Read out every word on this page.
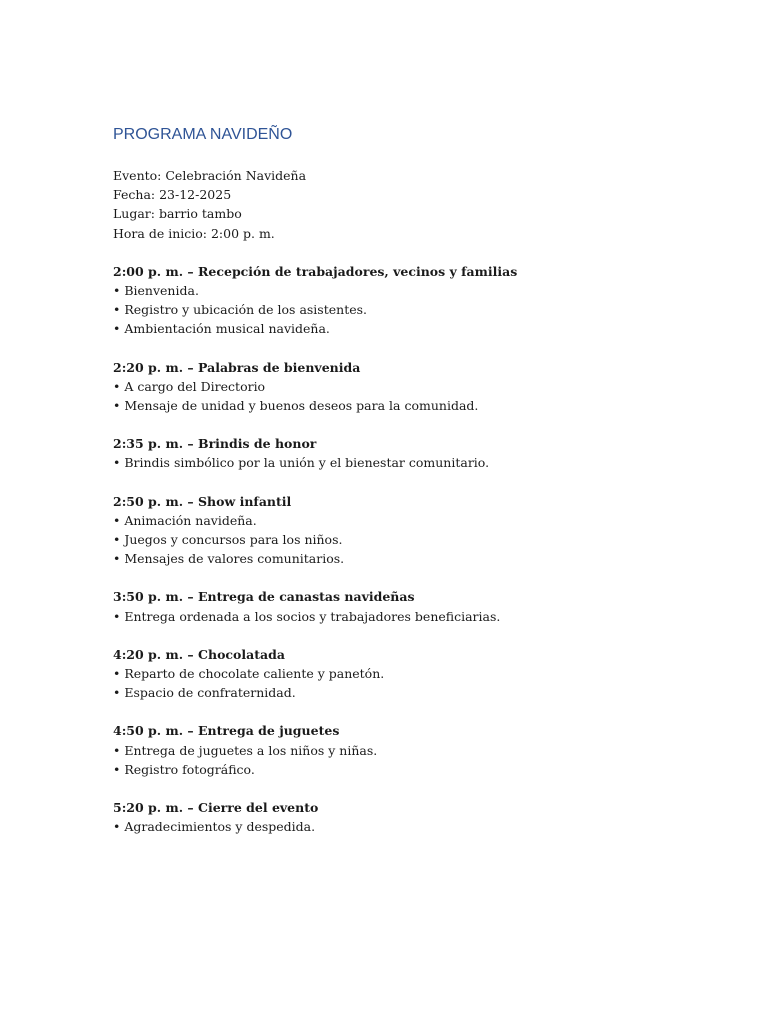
PROGRAMA NAVIDEÑO
Evento: Celebración Navideña
Fecha: 23-12-2025
Lugar: barrio tambo
Hora de inicio: 2:00 p. m.
2:00 p. m. – Recepción de trabajadores, vecinos y familias
• Bienvenida.
• Registro y ubicación de los asistentes.
• Ambientación musical navideña.
2:20 p. m. – Palabras de bienvenida
• A cargo del Directorio
• Mensaje de unidad y buenos deseos para la comunidad.
2:35 p. m. – Brindis de honor
• Brindis simbólico por la unión y el bienestar comunitario.
2:50 p. m. – Show infantil
• Animación navideña.
• Juegos y concursos para los niños.
• Mensajes de valores comunitarios.
3:50 p. m. – Entrega de canastas navideñas
• Entrega ordenada a los socios y trabajadores beneficiarias.
4:20 p. m. – Chocolatada
• Reparto de chocolate caliente y panetón.
• Espacio de confraternidad.
4:50 p. m. – Entrega de juguetes
• Entrega de juguetes a los niños y niñas.
• Registro fotográfico.
5:20 p. m. – Cierre del evento
• Agradecimientos y despedida.
